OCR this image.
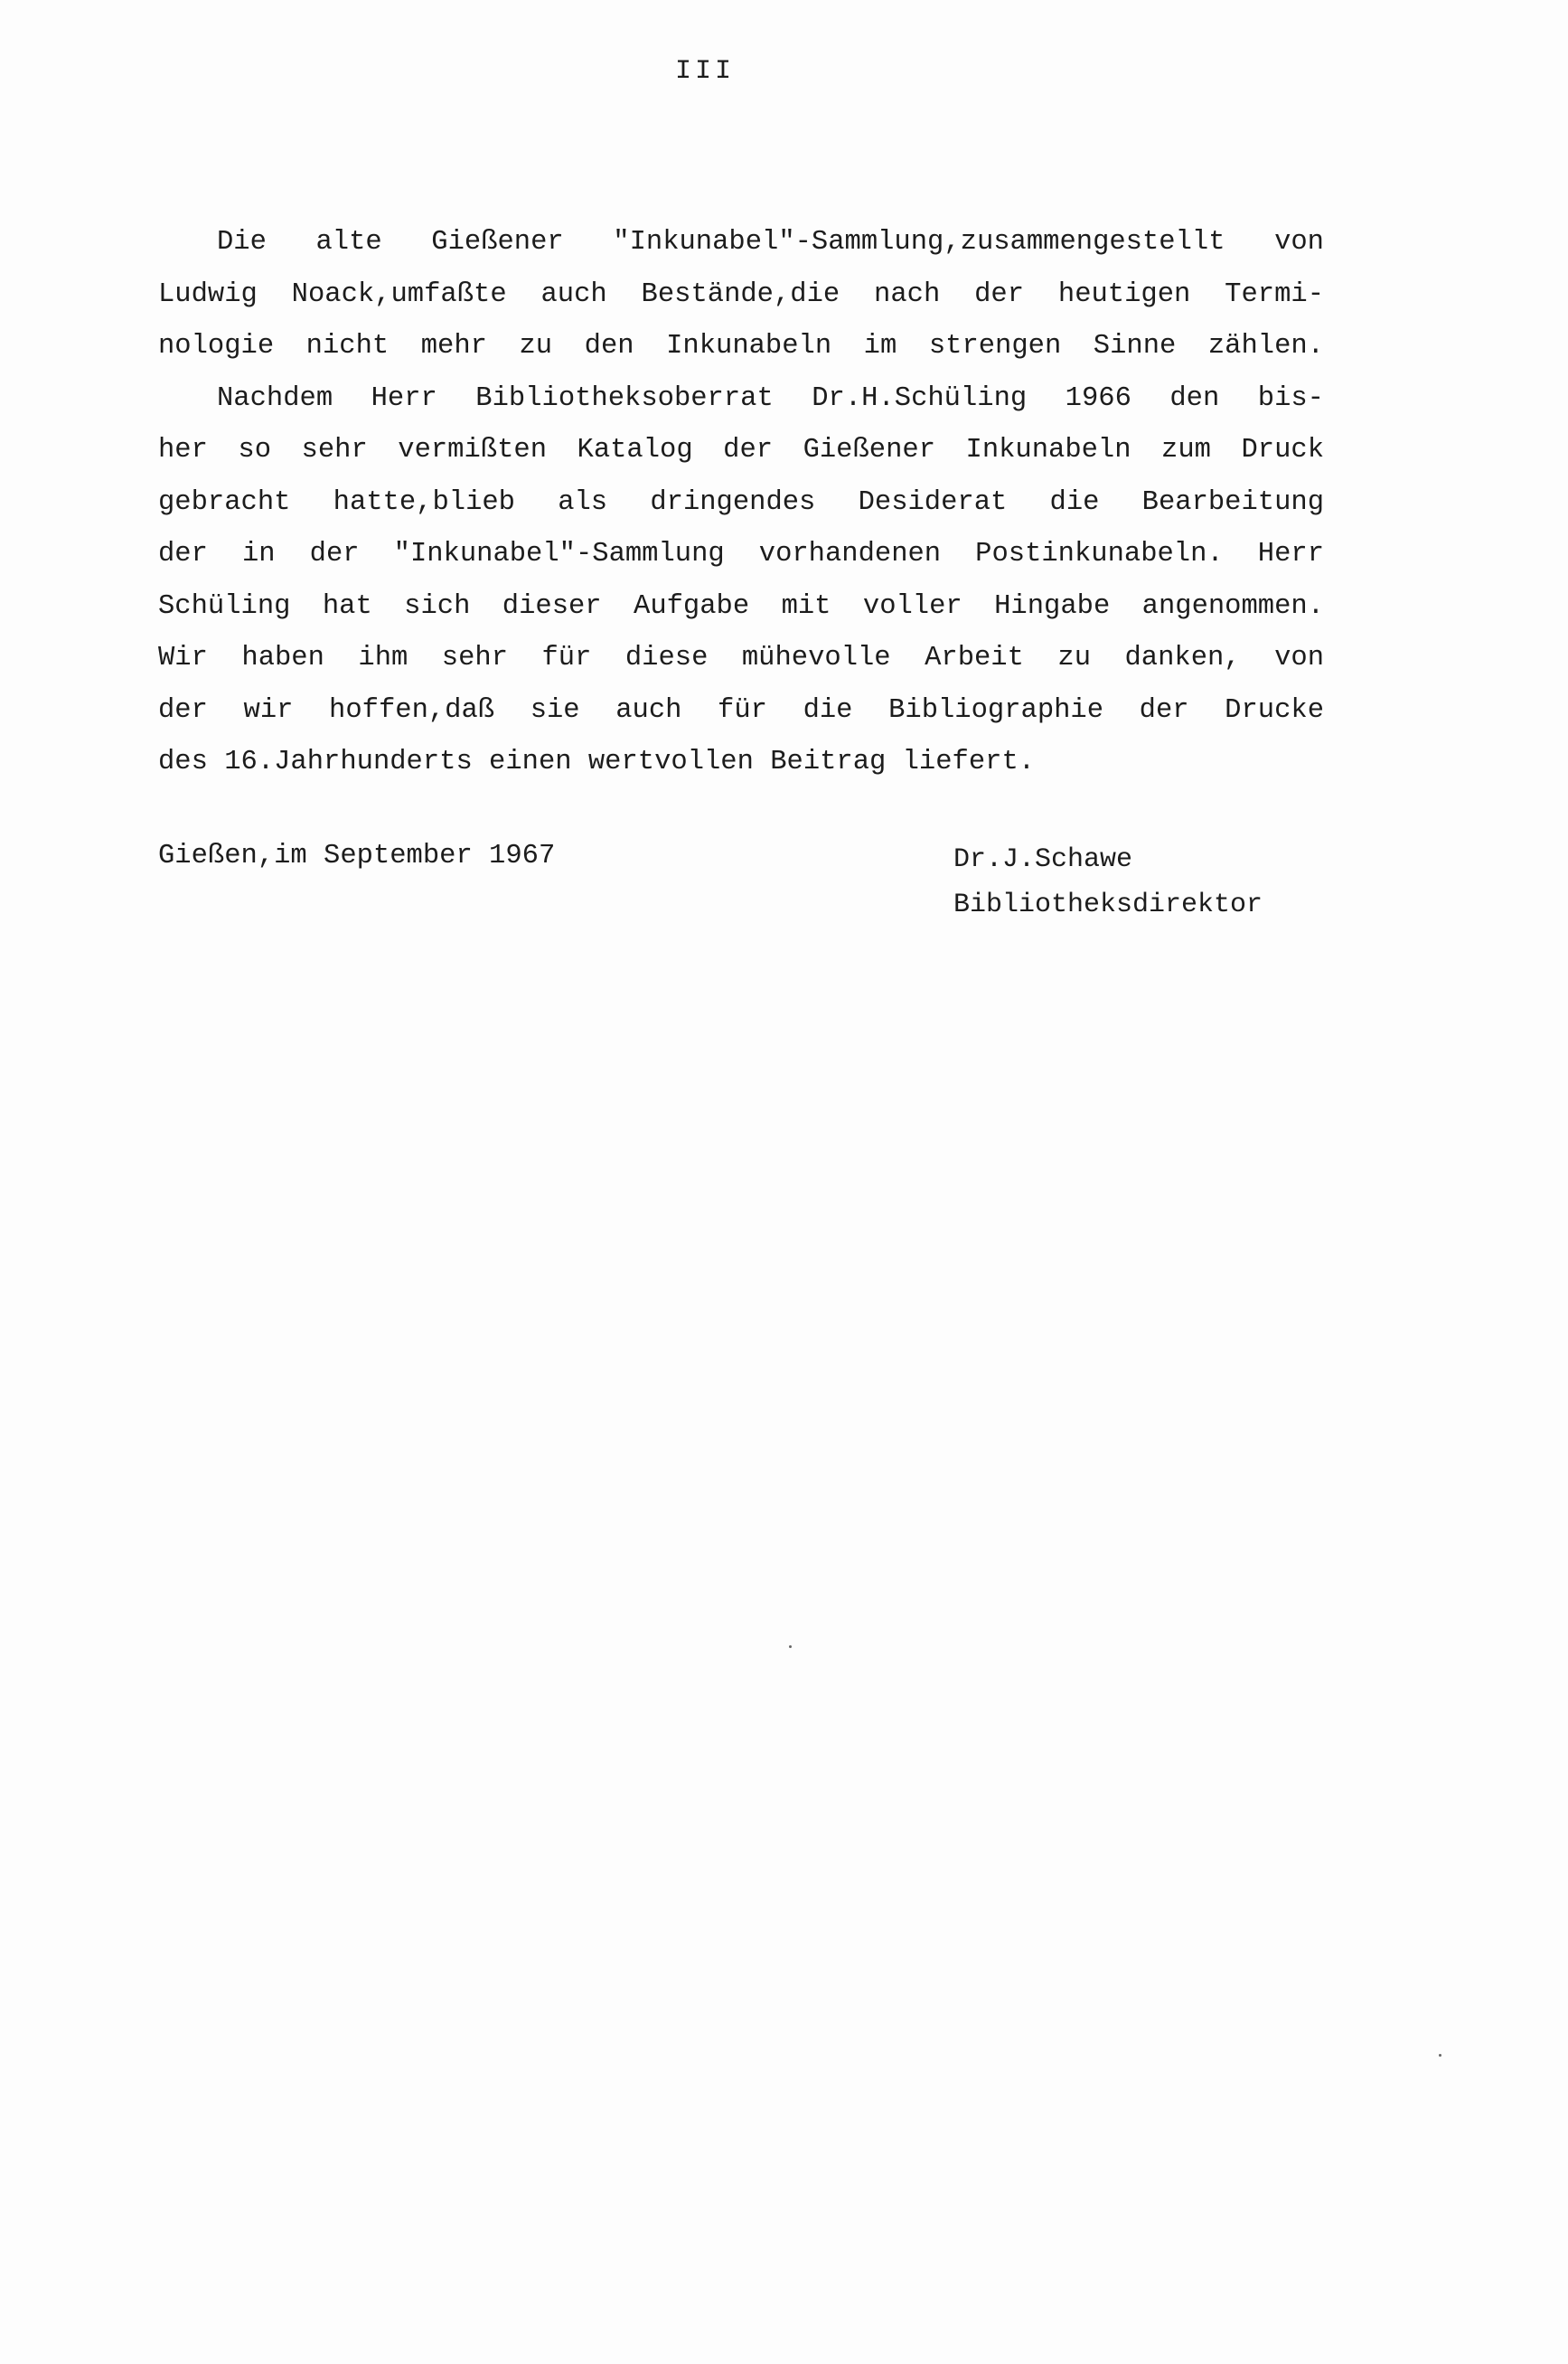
III
Die alte Gießener "Inkunabel"-Sammlung,zusammengestellt von
Ludwig Noack,umfaßte auch Bestände,die nach der heutigen Termi-
nologie nicht mehr zu den Inkunabeln im strengen Sinne zählen.
Nachdem Herr Bibliotheksoberrat Dr.H.Schüling 1966 den bis-
her so sehr vermißten Katalog der Gießener Inkunabeln zum Druck
gebracht hatte,blieb als dringendes Desiderat die Bearbeitung
der in der "Inkunabel"-Sammlung vorhandenen Postinkunabeln. Herr
Schüling hat sich dieser Aufgabe mit voller Hingabe angenommen.
Wir haben ihm sehr für diese mühevolle Arbeit zu danken, von
der wir hoffen,daß sie auch für die Bibliographie der Drucke
des 16.Jahrhunderts einen wertvollen Beitrag liefert.
Gießen,im September 1967	Dr.J.Schawe
Bibliotheksdirektor
